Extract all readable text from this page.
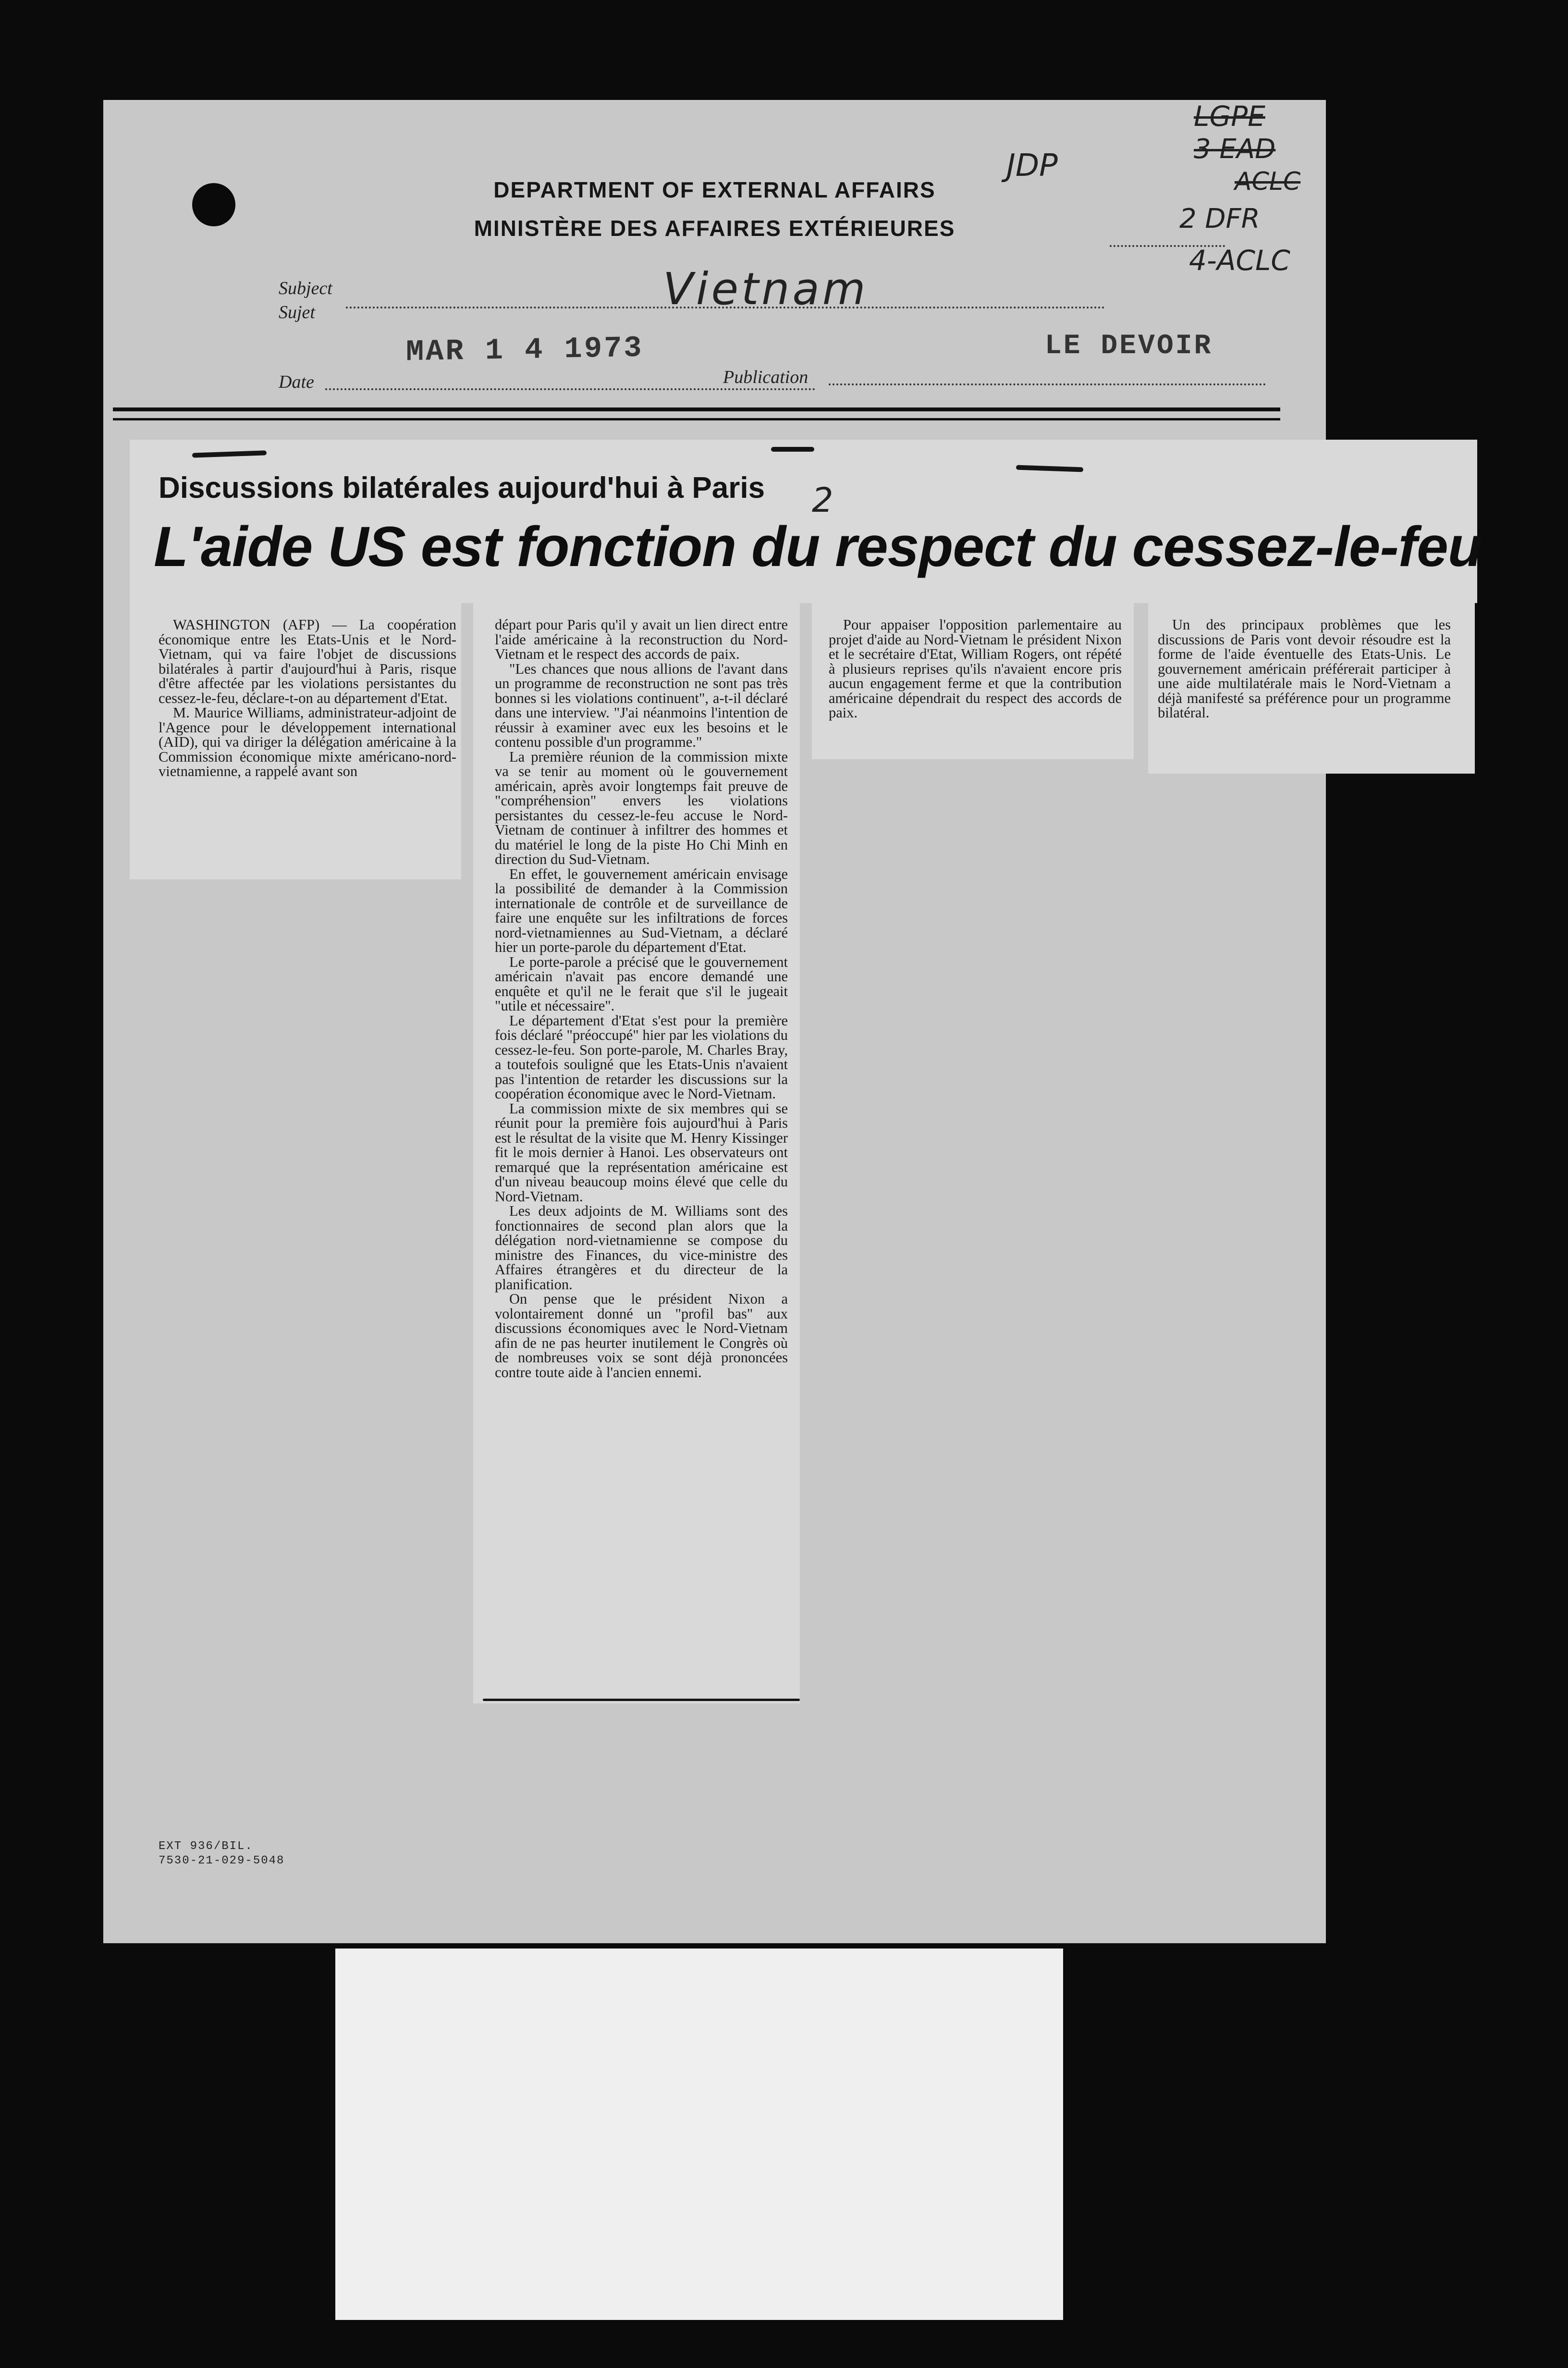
DEPARTMENT OF EXTERNAL AFFAIRS
MINISTÈRE DES AFFAIRES EXTÉRIEURES
JDP
LGPE
3 EAD
ACLC
2 DFR
4-ACLC
Subject
Sujet	Vietnam
MAR 1 4 1973	LE DEVOIR
Date	Publication
EXT 936/BIL.
7530-21-029-5048
Discussions bilatérales aujourd'hui à Paris 2
L'aide US est fonction du respect du cessez-le-feu

WASHINGTON (AFP) — La coopération économique entre les Etats-Unis et le Nord-Vietnam, qui va faire l'objet de discussions bilatérales à partir d'aujourd'hui à Paris, risque d'être affectée par les violations persistantes du cessez-le-feu, déclare-t-on au département d'Etat.

M. Maurice Williams, administrateur-adjoint de l'Agence pour le développement international (AID), qui va diriger la délégation américaine à la Commission économique mixte américano-nord-vietnamienne, a rappelé avant son

départ pour Paris qu'il y avait un lien direct entre l'aide américaine à la reconstruction du Nord-Vietnam et le respect des accords de paix.

"Les chances que nous allions de l'avant dans un programme de reconstruction ne sont pas très bonnes si les violations continuent", a-t-il déclaré dans une interview. "J'ai néanmoins l'intention de réussir à examiner avec eux les besoins et le contenu possible d'un programme."

La première réunion de la commission mixte va se tenir au moment où le gouvernement américain, après avoir longtemps fait preuve de "compréhension" envers les violations persistantes du cessez-le-feu accuse le Nord-Vietnam de continuer à infiltrer des hommes et du matériel le long de la piste Ho Chi Minh en direction du Sud-Vietnam.

En effet, le gouvernement américain envisage la possibilité de demander à la Commission internationale de contrôle et de surveillance de faire une enquête sur les infiltrations de forces nord-vietnamiennes au Sud-Vietnam, a déclaré hier un porte-parole du département d'Etat.

Le porte-parole a précisé que le gouvernement américain n'avait pas encore demandé une enquête et qu'il ne le ferait que s'il le jugeait "utile et nécessaire".

Le département d'Etat s'est pour la première fois déclaré "préoccupé" hier par les violations du cessez-le-feu. Son porte-parole, M. Charles Bray, a toutefois souligné que les Etats-Unis n'avaient pas l'intention de retarder les discussions sur la coopération économique avec le Nord-Vietnam.

La commission mixte de six membres qui se réunit pour la première fois aujourd'hui à Paris est le résultat de la visite que M. Henry Kissinger fit le mois dernier à Hanoi. Les observateurs ont remarqué que la représentation américaine est d'un niveau beaucoup moins élevé que celle du Nord-Vietnam.

Les deux adjoints de M. Williams sont des fonctionnaires de second plan alors que la délégation nord-vietnamienne se compose du ministre des Finances, du vice-ministre des Affaires étrangères et du directeur de la planification.

On pense que le président Nixon a volontairement donné un "profil bas" aux discussions économiques avec le Nord-Vietnam afin de ne pas heurter inutilement le Congrès où de nombreuses voix se sont déjà prononcées contre toute aide à l'ancien ennemi.

Pour appaiser l'opposition parlementaire au projet d'aide au Nord-Vietnam le président Nixon et le secrétaire d'Etat, William Rogers, ont répété à plusieurs reprises qu'ils n'avaient encore pris aucun engagement ferme et que la contribution américaine dépendrait du respect des accords de paix.

Un des principaux problèmes que les discussions de Paris vont devoir résoudre est la forme de l'aide éventuelle des Etats-Unis. Le gouvernement américain préférerait participer à une aide multilatérale mais le Nord-Vietnam a déjà manifesté sa préférence pour un programme bilatéral.
